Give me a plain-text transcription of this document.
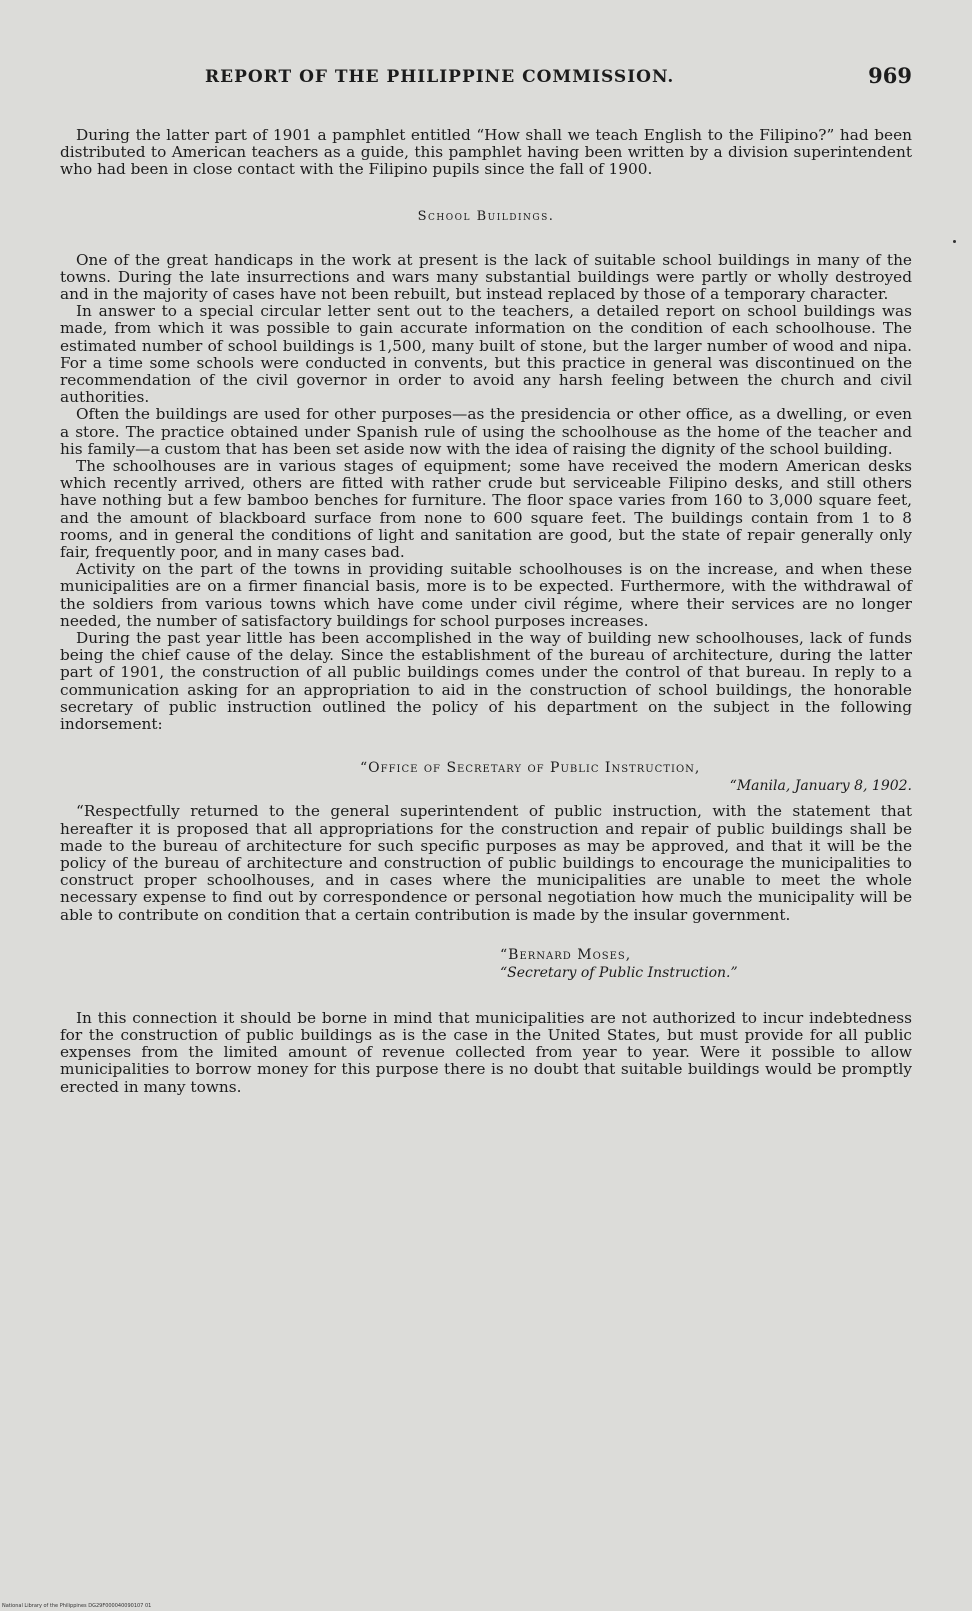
REPORT OF THE PHILIPPINE COMMISSION.	969

During the latter part of 1901 a pamphlet entitled “How shall we teach English to the Filipino?” had been distributed to American teachers as a guide, this pamphlet having been written by a division superintendent who had been in close contact with the Filipino pupils since the fall of 1900.

School Buildings.

One of the great handicaps in the work at present is the lack of suitable school buildings in many of the towns. During the late insurrections and wars many substantial buildings were partly or wholly destroyed and in the majority of cases have not been rebuilt, but instead replaced by those of a temporary character.

In answer to a special circular letter sent out to the teachers, a detailed report on school buildings was made, from which it was possible to gain accurate information on the condition of each schoolhouse. The estimated number of school buildings is 1,500, many built of stone, but the larger number of wood and nipa. For a time some schools were conducted in convents, but this practice in general was discontinued on the recommendation of the civil governor in order to avoid any harsh feeling between the church and civil authorities.

Often the buildings are used for other purposes—as the presidencia or other office, as a dwelling, or even a store. The practice obtained under Spanish rule of using the schoolhouse as the home of the teacher and his family—a custom that has been set aside now with the idea of raising the dignity of the school building.

The schoolhouses are in various stages of equipment; some have received the modern American desks which recently arrived, others are fitted with rather crude but serviceable Filipino desks, and still others have nothing but a few bamboo benches for furniture. The floor space varies from 160 to 3,000 square feet, and the amount of blackboard surface from none to 600 square feet. The buildings contain from 1 to 8 rooms, and in general the conditions of light and sanitation are good, but the state of repair generally only fair, frequently poor, and in many cases bad.

Activity on the part of the towns in providing suitable schoolhouses is on the increase, and when these municipalities are on a firmer financial basis, more is to be expected. Furthermore, with the withdrawal of the soldiers from various towns which have come under civil régime, where their services are no longer needed, the number of satisfactory buildings for school purposes increases.

During the past year little has been accomplished in the way of building new schoolhouses, lack of funds being the chief cause of the delay. Since the establishment of the bureau of architecture, during the latter part of 1901, the construction of all public buildings comes under the control of that bureau. In reply to a communication asking for an appropriation to aid in the construction of school buildings, the honorable secretary of public instruction outlined the policy of his department on the subject in the following indorsement:

“Office of Secretary of Public Instruction,
“Manila, January 8, 1902.

“Respectfully returned to the general superintendent of public instruction, with the statement that hereafter it is proposed that all appropriations for the construction and repair of public buildings shall be made to the bureau of architecture for such specific purposes as may be approved, and that it will be the policy of the bureau of architecture and construction of public buildings to encourage the municipalities to construct proper schoolhouses, and in cases where the municipalities are unable to meet the whole necessary expense to find out by correspondence or personal negotiation how much the municipality will be able to contribute on condition that a certain contribution is made by the insular government.

“Bernard Moses,
“Secretary of Public Instruction.”

In this connection it should be borne in mind that municipalities are not authorized to incur indebtedness for the construction of public buildings as is the case in the United States, but must provide for all public expenses from the limited amount of revenue collected from year to year. Were it possible to allow municipalities to borrow money for this purpose there is no doubt that suitable buildings would be promptly erected in many towns.

National Library of the Philippines DG29F000040090107 01
